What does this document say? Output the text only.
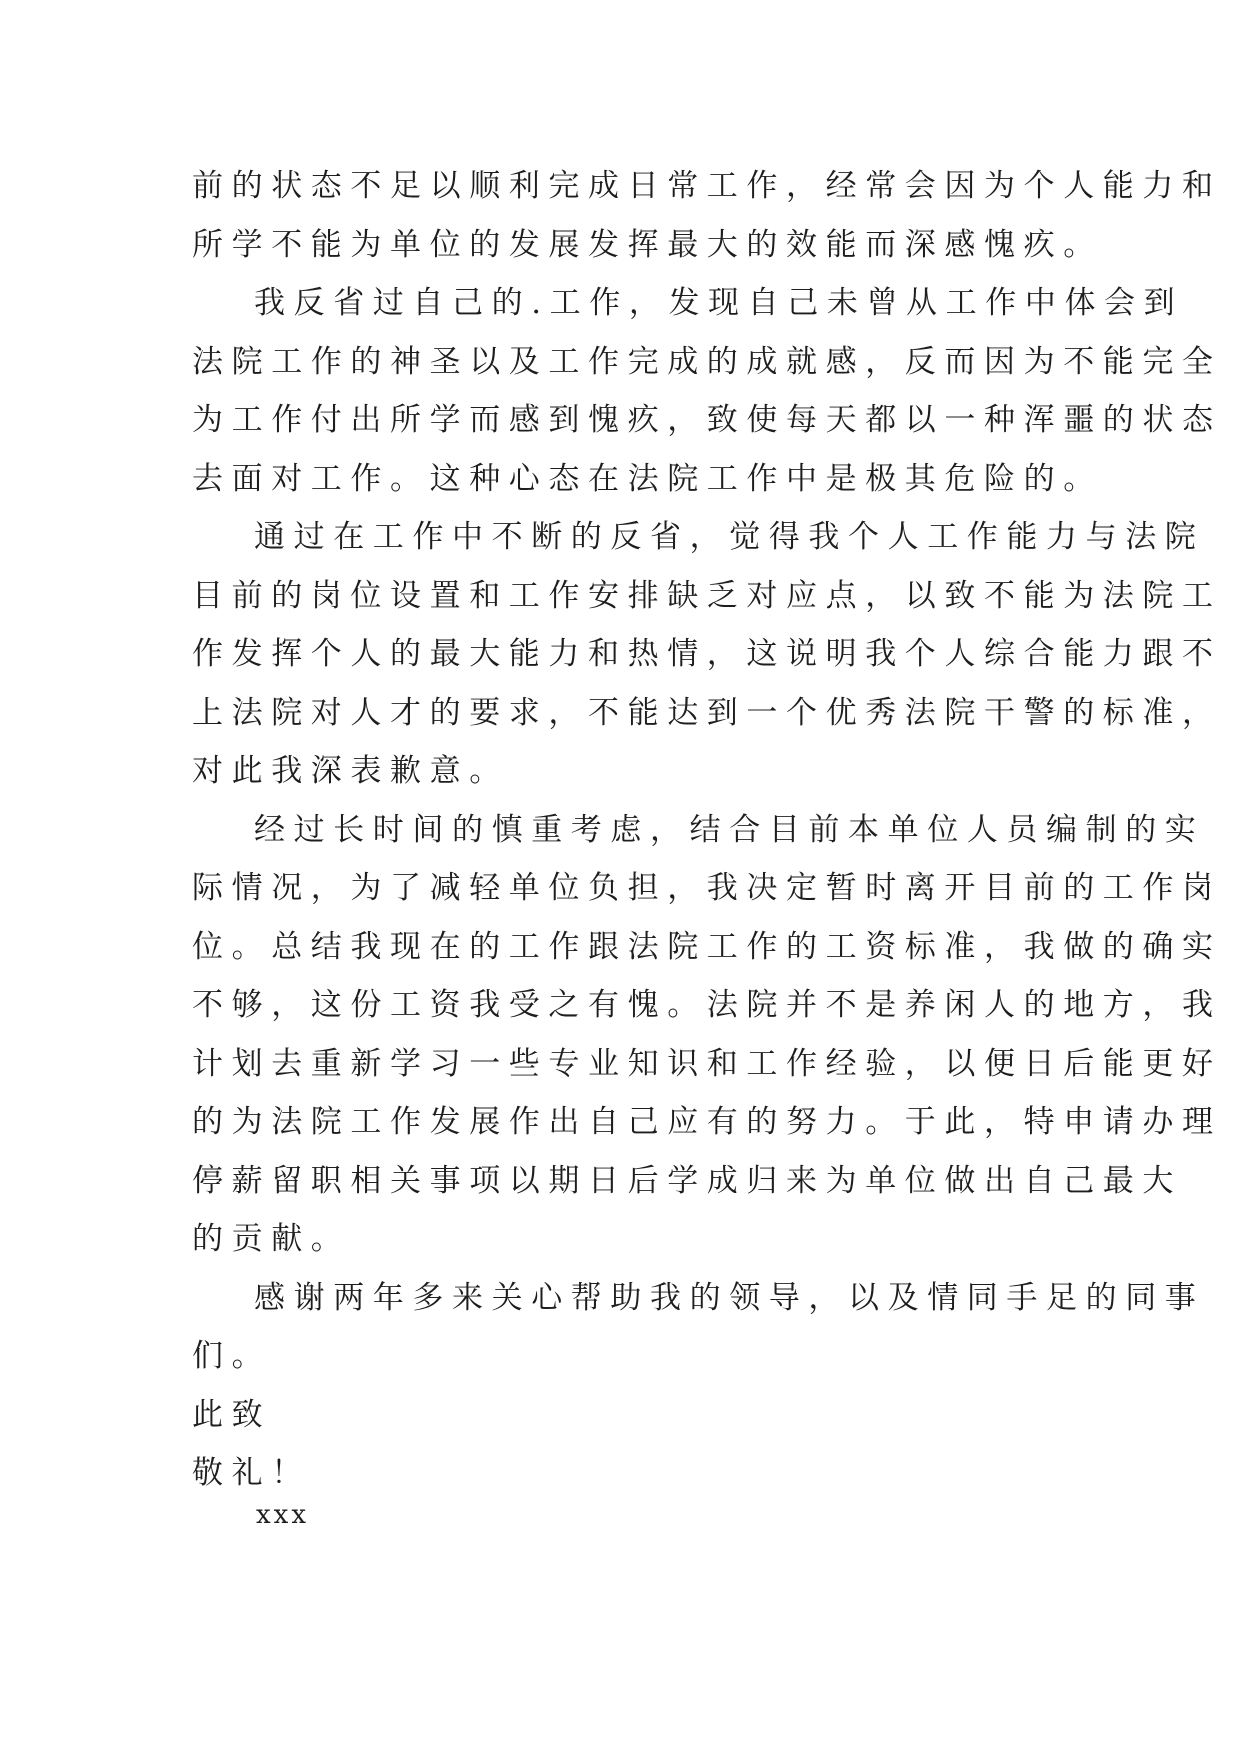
前的状态不足以顺利完成日常工作，经常会因为个人能力和
所学不能为单位的发展发挥最大的效能而深感愧疚。
我反省过自己的.工作，发现自己未曾从工作中体会到
法院工作的神圣以及工作完成的成就感，反而因为不能完全
为工作付出所学而感到愧疚，致使每天都以一种浑噩的状态
去面对工作。这种心态在法院工作中是极其危险的。
通过在工作中不断的反省，觉得我个人工作能力与法院
目前的岗位设置和工作安排缺乏对应点，以致不能为法院工
作发挥个人的最大能力和热情，这说明我个人综合能力跟不
上法院对人才的要求，不能达到一个优秀法院干警的标准，
对此我深表歉意。
经过长时间的慎重考虑，结合目前本单位人员编制的实
际情况，为了减轻单位负担，我决定暂时离开目前的工作岗
位。总结我现在的工作跟法院工作的工资标准，我做的确实
不够，这份工资我受之有愧。法院并不是养闲人的地方，我
计划去重新学习一些专业知识和工作经验，以便日后能更好
的为法院工作发展作出自己应有的努力。于此，特申请办理
停薪留职相关事项以期日后学成归来为单位做出自己最大
的贡献。
感谢两年多来关心帮助我的领导，以及情同手足的同事
们。
此致
敬礼！
xxx
